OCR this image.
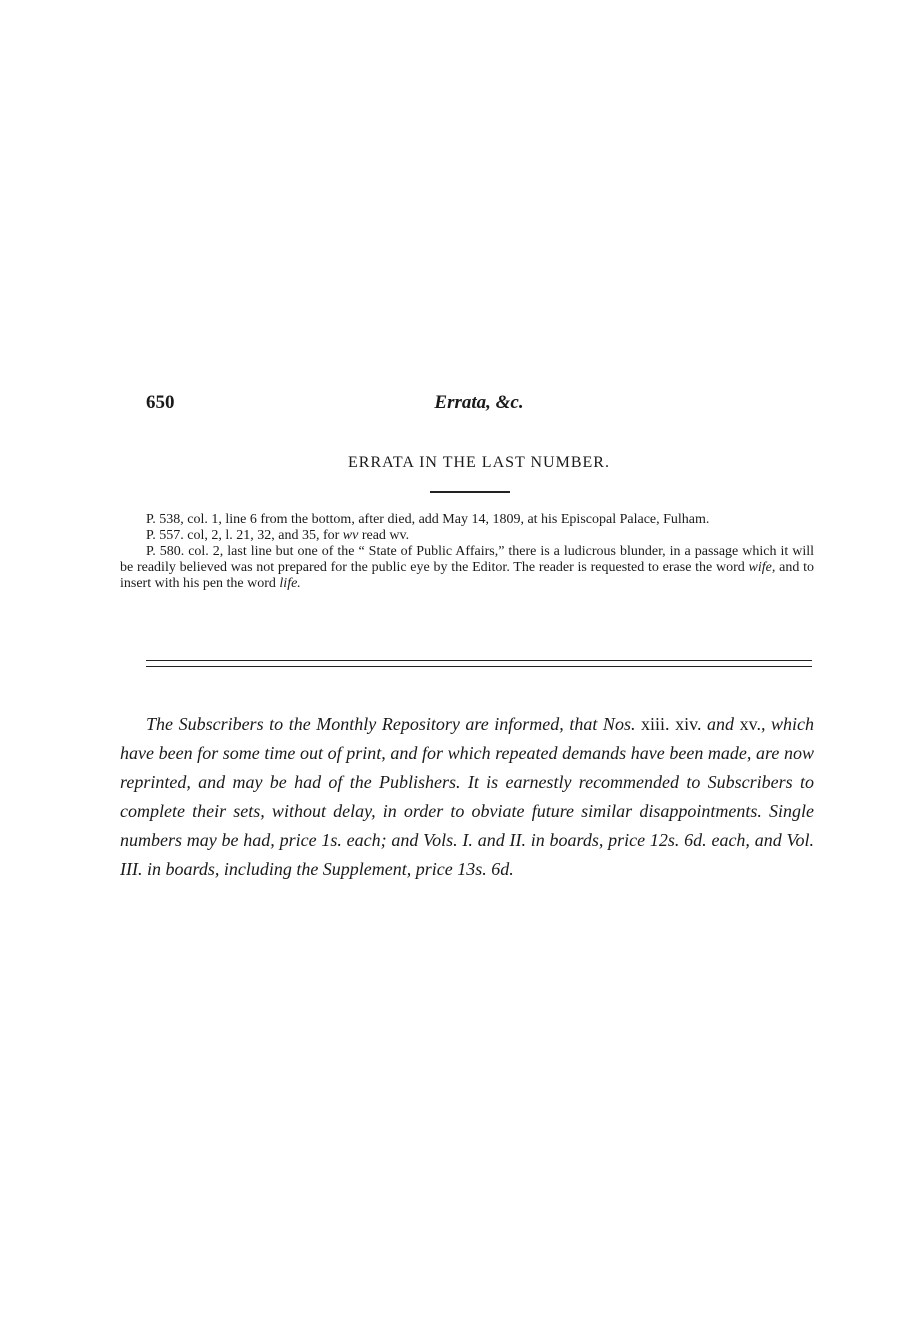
650	Errata, &c.
ERRATA IN THE LAST NUMBER.

P. 538, col. 1, line 6 from the bottom, after died, add May 14, 1809, at his Episcopal Palace, Fulham.

P. 557. col, 2, l. 21, 32, and 35, for wv read wv.

P. 580. col. 2, last line but one of the “ State of Public Affairs,” there is a ludicrous blunder, in a passage which it will be readily believed was not prepared for the public eye by the Editor. The reader is requested to erase the word wife, and to insert with his pen the word life.

The Subscribers to the Monthly Repository are informed, that Nos. xiii. xiv. and xv., which have been for some time out of print, and for which repeated demands have been made, are now reprinted, and may be had of the Publishers. It is earnestly recommended to Subscribers to complete their sets, without delay, in order to obviate future similar disappointments. Single numbers may be had, price 1s. each; and Vols. I. and II. in boards, price 12s. 6d. each, and Vol. III. in boards, including the Supplement, price 13s. 6d.
